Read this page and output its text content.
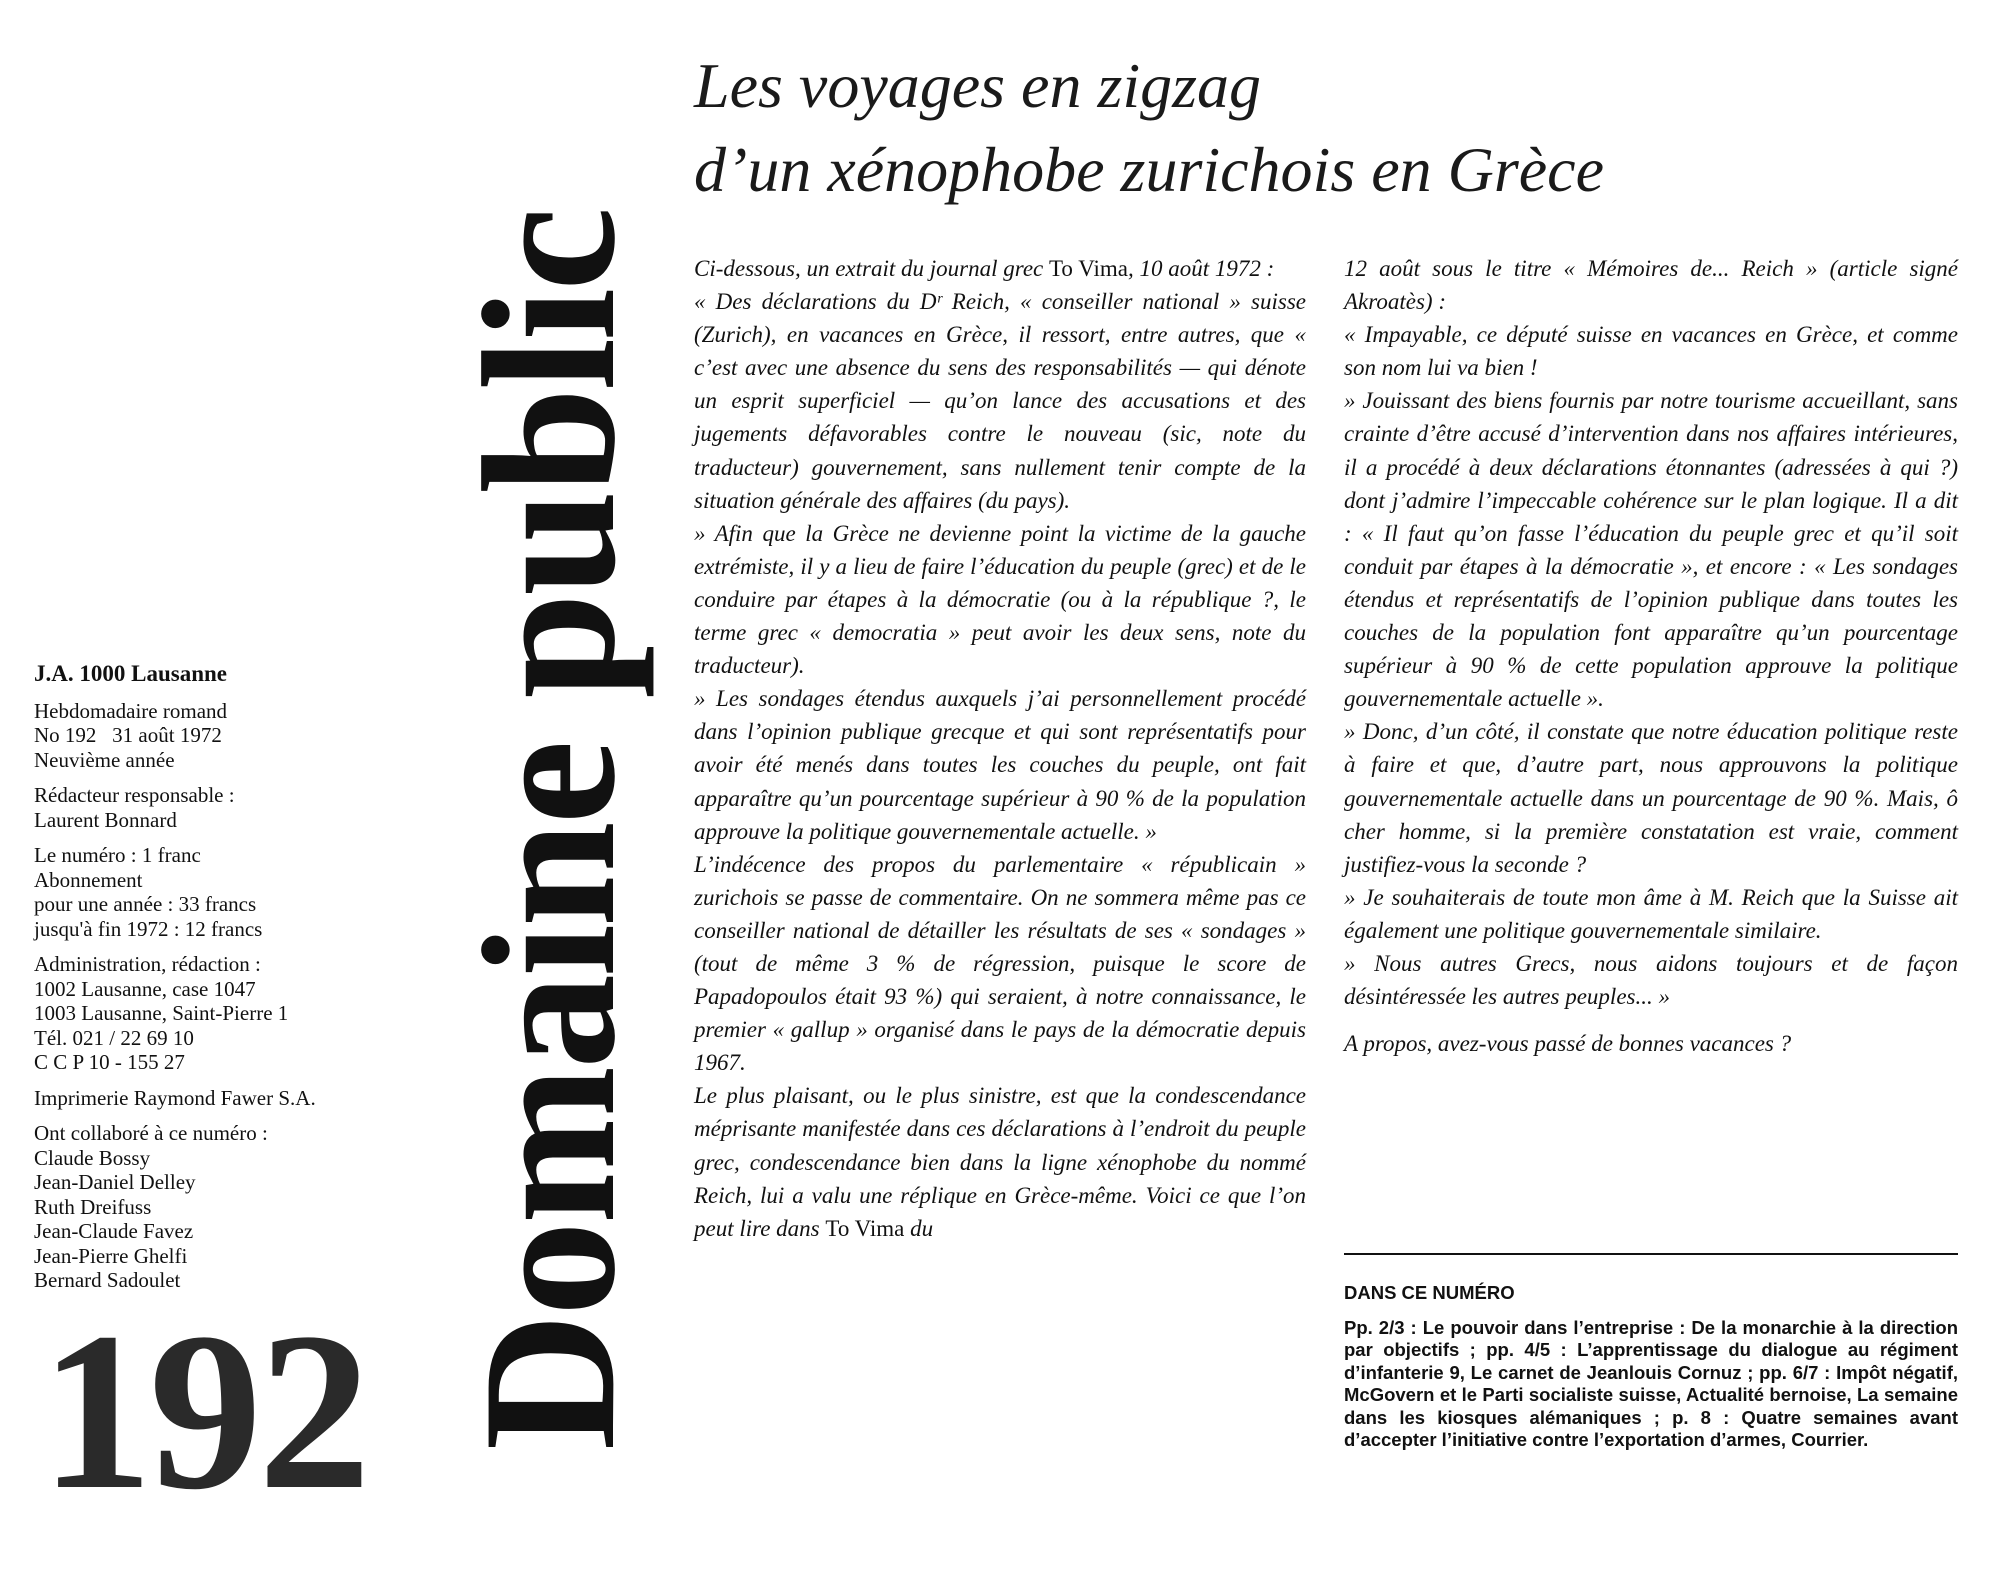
J.A. 1000 Lausanne
Hebdomadaire romand
No 192   31 août 1972
Neuvième année
Rédacteur responsable :
Laurent Bonnard
Le numéro : 1 franc
Abonnement
pour une année : 33 francs
jusqu'à fin 1972 : 12 francs
Administration, rédaction :
1002 Lausanne, case 1047
1003 Lausanne, Saint-Pierre 1
Tél. 021 / 22 69 10
C C P 10 - 155 27
Imprimerie Raymond Fawer S.A.
Ont collaboré à ce numéro :
Claude Bossy
Jean-Daniel Delley
Ruth Dreifuss
Jean-Claude Favez
Jean-Pierre Ghelfi
Bernard Sadoulet
192 Domaine public
Les voyages en zigzag
d’un xénophobe zurichois en Grèce

Ci-dessous, un extrait du journal grec To Vima, 10 août 1972 :

« Des déclarations du Dʳ Reich, « conseiller national » suisse (Zurich), en vacances en Grèce, il ressort, entre autres, que « c’est avec une absence du sens des responsabilités — qui dénote un esprit superficiel — qu’on lance des accusations et des jugements défavorables contre le nouveau (sic, note du traducteur) gouvernement, sans nullement tenir compte de la situation générale des affaires (du pays).

» Afin que la Grèce ne devienne point la victime de la gauche extrémiste, il y a lieu de faire l’éducation du peuple (grec) et de le conduire par étapes à la démocratie (ou à la république ?, le terme grec « democratia » peut avoir les deux sens, note du traducteur).

» Les sondages étendus auxquels j’ai personnellement procédé dans l’opinion publique grecque et qui sont représentatifs pour avoir été menés dans toutes les couches du peuple, ont fait apparaître qu’un pourcentage supérieur à 90 % de la population approuve la politique gouvernementale actuelle. »

L’indécence des propos du parlementaire « républicain » zurichois se passe de commentaire. On ne sommera même pas ce conseiller national de détailler les résultats de ses « sondages » (tout de même 3 % de régression, puisque le score de Papadopoulos était 93 %) qui seraient, à notre connaissance, le premier « gallup » organisé dans le pays de la démocratie depuis 1967.

Le plus plaisant, ou le plus sinistre, est que la condescendance méprisante manifestée dans ces déclarations à l’endroit du peuple grec, condescendance bien dans la ligne xénophobe du nommé Reich, lui a valu une réplique en Grèce-même. Voici ce que l’on peut lire dans To Vima du

12 août sous le titre « Mémoires de... Reich » (article signé Akroatès) :

« Impayable, ce député suisse en vacances en Grèce, et comme son nom lui va bien !

» Jouissant des biens fournis par notre tourisme accueillant, sans crainte d’être accusé d’intervention dans nos affaires intérieures, il a procédé à deux déclarations étonnantes (adressées à qui ?) dont j’admire l’impeccable cohérence sur le plan logique. Il a dit : « Il faut qu’on fasse l’éducation du peuple grec et qu’il soit conduit par étapes à la démocratie », et encore : « Les sondages étendus et représentatifs de l’opinion publique dans toutes les couches de la population font apparaître qu’un pourcentage supérieur à 90 % de cette population approuve la politique gouvernementale actuelle ».

» Donc, d’un côté, il constate que notre éducation politique reste à faire et que, d’autre part, nous approuvons la politique gouvernementale actuelle dans un pourcentage de 90 %. Mais, ô cher homme, si la première constatation est vraie, comment justifiez-vous la seconde ?

» Je souhaiterais de toute mon âme à M. Reich que la Suisse ait également une politique gouvernementale similaire.

» Nous autres Grecs, nous aidons toujours et de façon désintéressée les autres peuples... »

A propos, avez-vous passé de bonnes vacances ?

DANS CE NUMÉRO
Pp. 2/3 : Le pouvoir dans l’entreprise : De la monarchie à la direction par objectifs ; pp. 4/5 : L’apprentissage du dialogue au régiment d’infanterie 9, Le carnet de Jeanlouis Cornuz ; pp. 6/7 : Impôt négatif, McGovern et le Parti socialiste suisse, Actualité bernoise, La semaine dans les kiosques alémaniques ; p. 8 : Quatre semaines avant d’accepter l’initiative contre l’exportation d’armes, Courrier.
